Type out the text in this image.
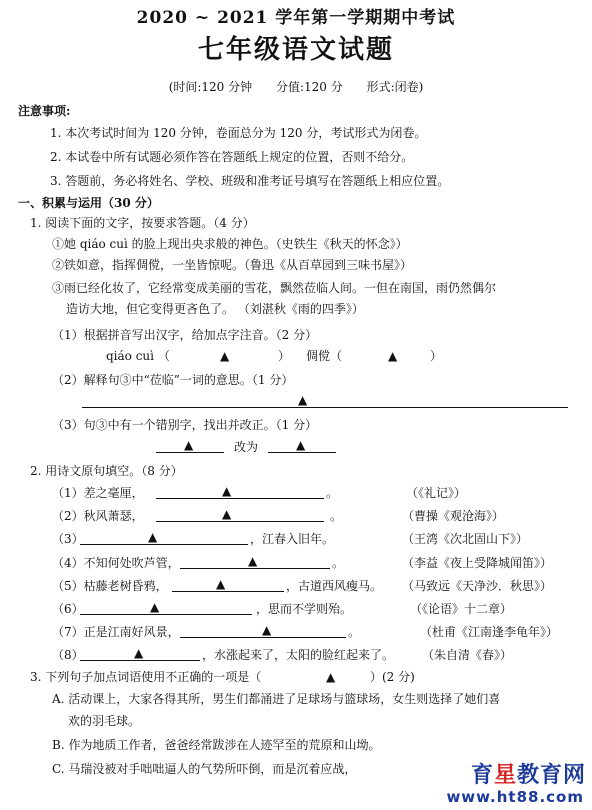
2020 ~ 2021 学年第一学期期中考试
七年级语文试题
(时间:120 分钟 分值:120 分 形式:闭卷)
注意事项:
1. 本次考试时间为 120 分钟，卷面总分为 120 分，考试形式为闭卷。
2. 本试卷中所有试题必须作答在答题纸上规定的位置，否则不给分。
3. 答题前，务必将姓名、学校、班级和准考证号填写在答题纸上相应位置。
一、积累与运用（30 分）
1. 阅读下面的文字，按要求答题。（4 分）
①她 qiáo cuì 的脸上现出央求般的神色。（史铁生《秋天的怀念》）
②铁如意，指挥倜傥，一坐皆惊呢。（鲁迅《从百草园到三味书屋》）
③雨已经化妆了，它经常变成美丽的雪花，飘然莅临人间。一但在南国，雨仍然偶尔
造访大地，但它变得更吝色了。 （刘湛秋《雨的四季》）
（1）根据拼音写出汉字，给加点字注音。（2 分）
qiáo cuì （	▲	） 倜傥（	▲	）
（2）解释句③中“莅临”一词的意思。（1 分）
▲
（3）句③中有一个错别字，找出并改正。（1 分）
▲	改为	▲
2. 用诗文原句填空。（8 分）
（1）差之毫厘，	▲	。	（《礼记》）
（2）秋风萧瑟，	▲	。	（曹操《观沧海》）
（3）	▲	，江春入旧年。	（王湾《次北固山下》）
（4）不知何处吹芦管，	▲	。	（李益《夜上受降城闻笛》）
（5）枯藤老树昏鸦，	▲	，古道西风瘦马。 （马致远《天净沙．秋思》）
（6）	▲	，思而不学则殆。	（《论语》十二章）
（7）正是江南好风景，	▲	。	（杜甫《江南逢李龟年》）
（8）	▲	，水涨起来了，太阳的脸红起来了。 （朱自清《春》）
3. 下列句子加点词语使用不正确的一项是（	▲	）(2 分)
A. 活动课上，大家各得其所，男生们都涌进了足球场与篮球场，女生则选择了她们喜
欢的羽毛球。
B. 作为地质工作者，爸爸经常跋涉在人迹罕至的荒原和山坳。
C. 马瑞没被对手咄咄逼人的气势所吓倒，而是沉着应战，	育星教育网
www.ht88.com
